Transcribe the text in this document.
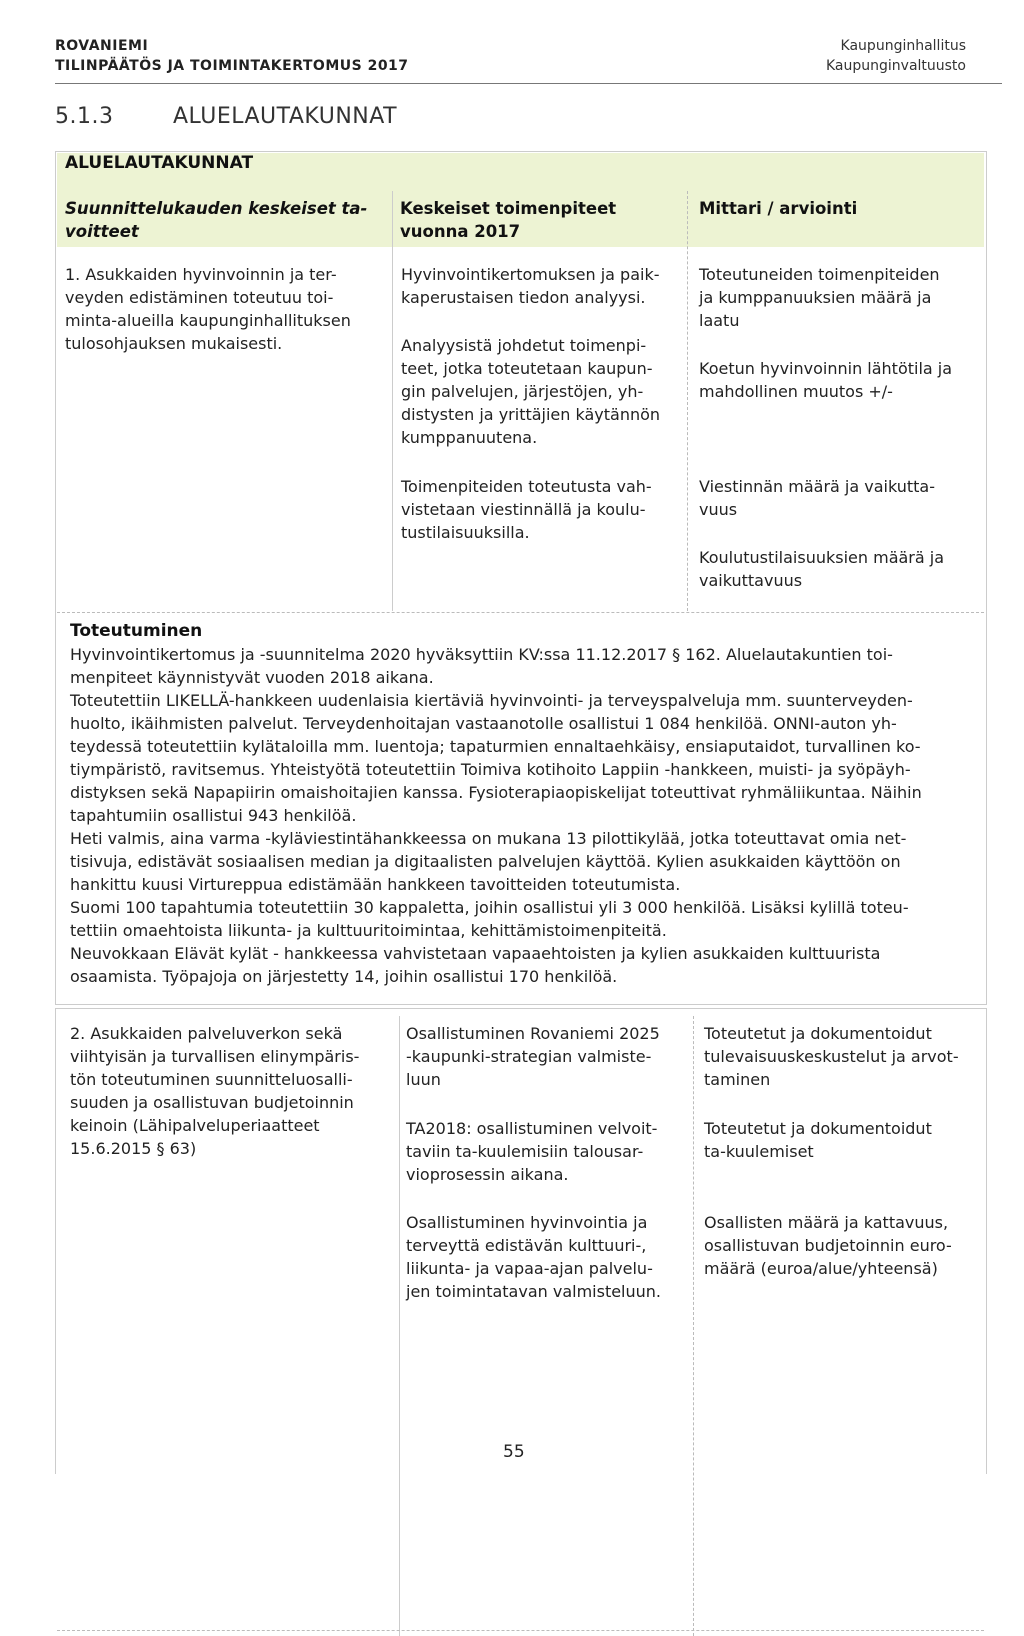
ROVANIEMI
TILINPÄÄTÖS JA TOIMINTAKERTOMUS 2017
Kaupunginhallitus
Kaupunginvaltuusto
5.1.3	ALUELAUTAKUNNAT
ALUELAUTAKUNNAT

Suunnittelukauden keskeiset ta-

voitteet

Keskeiset toimenpiteet

vuonna 2017

Mittari / arviointi

1. Asukkaiden hyvinvoinnin ja ter-

veyden edistäminen toteutuu toi-

minta-alueilla kaupunginhallituksen

tulosohjauksen mukaisesti.

Hyvinvointikertomuksen ja paik-

kaperustaisen tiedon analyysi.

Analyysistä johdetut toimenpi-

teet, jotka toteutetaan kaupun-

gin palvelujen, järjestöjen, yh-

distysten ja yrittäjien käytännön

kumppanuutena.

Toimenpiteiden toteutusta vah-

vistetaan viestinnällä ja koulu-

tustilaisuuksilla.

Toteutuneiden toimenpiteiden

ja kumppanuuksien määrä ja

laatu

Koetun hyvinvoinnin lähtötila ja

mahdollinen muutos +/-

Viestinnän määrä ja vaikutta-

vuus

Koulutustilaisuuksien määrä ja

vaikuttavuus

Toteutuminen

Hyvinvointikertomus ja -suunnitelma 2020 hyväksyttiin KV:ssa 11.12.2017 § 162. Aluelautakuntien toi-

menpiteet käynnistyvät vuoden 2018 aikana.

Toteutettiin LIKELLÄ-hankkeen uudenlaisia kiertäviä hyvinvointi- ja terveyspalveluja mm. suunterveyden-

huolto, ikäihmisten palvelut. Terveydenhoitajan vastaanotolle osallistui 1 084 henkilöä. ONNI-auton yh-

teydessä toteutettiin kylätaloilla mm. luentoja; tapaturmien ennaltaehkäisy, ensiaputaidot, turvallinen ko-

tiympäristö, ravitsemus. Yhteistyötä toteutettiin Toimiva kotihoito Lappiin -hankkeen, muisti- ja syöpäyh-

distyksen sekä Napapiirin omaishoitajien kanssa. Fysioterapiaopiskelijat toteuttivat ryhmäliikuntaa. Näihin

tapahtumiin osallistui 943 henkilöä.

Heti valmis, aina varma -kyläviestintähankkeessa on mukana 13 pilottikylää, jotka toteuttavat omia net-

tisivuja, edistävät sosiaalisen median ja digitaalisten palvelujen käyttöä. Kylien asukkaiden käyttöön on

hankittu kuusi Virtureppua edistämään hankkeen tavoitteiden toteutumista.

Suomi 100 tapahtumia toteutettiin 30 kappaletta, joihin osallistui yli 3 000 henkilöä. Lisäksi kylillä toteu-

tettiin omaehtoista liikunta- ja kulttuuritoimintaa, kehittämistoimenpiteitä.

Neuvokkaan Elävät kylät - hankkeessa vahvistetaan vapaaehtoisten ja kylien asukkaiden kulttuurista

osaamista. Työpajoja on järjestetty 14, joihin osallistui 170 henkilöä.

2. Asukkaiden palveluverkon sekä

viihtyisän ja turvallisen elinympäris-

tön toteutuminen suunnitteluosalli-

suuden ja osallistuvan budjetoinnin

keinoin (Lähipalveluperiaatteet

15.6.2015 § 63)

Osallistuminen Rovaniemi 2025

-kaupunki-strategian valmiste-

luun

TA2018: osallistuminen velvoit-

taviin ta-kuulemisiin talousar-

vioprosessin aikana.

Osallistuminen hyvinvointia ja

terveyttä edistävän kulttuuri-,

liikunta- ja vapaa-ajan palvelu-

jen toimintatavan valmisteluun.

Toteutetut ja dokumentoidut

tulevaisuuskeskustelut ja arvot-

taminen

Toteutetut ja dokumentoidut

ta-kuulemiset

Osallisten määrä ja kattavuus,

osallistuvan budjetoinnin euro-

määrä (euroa/alue/yhteensä)

55
